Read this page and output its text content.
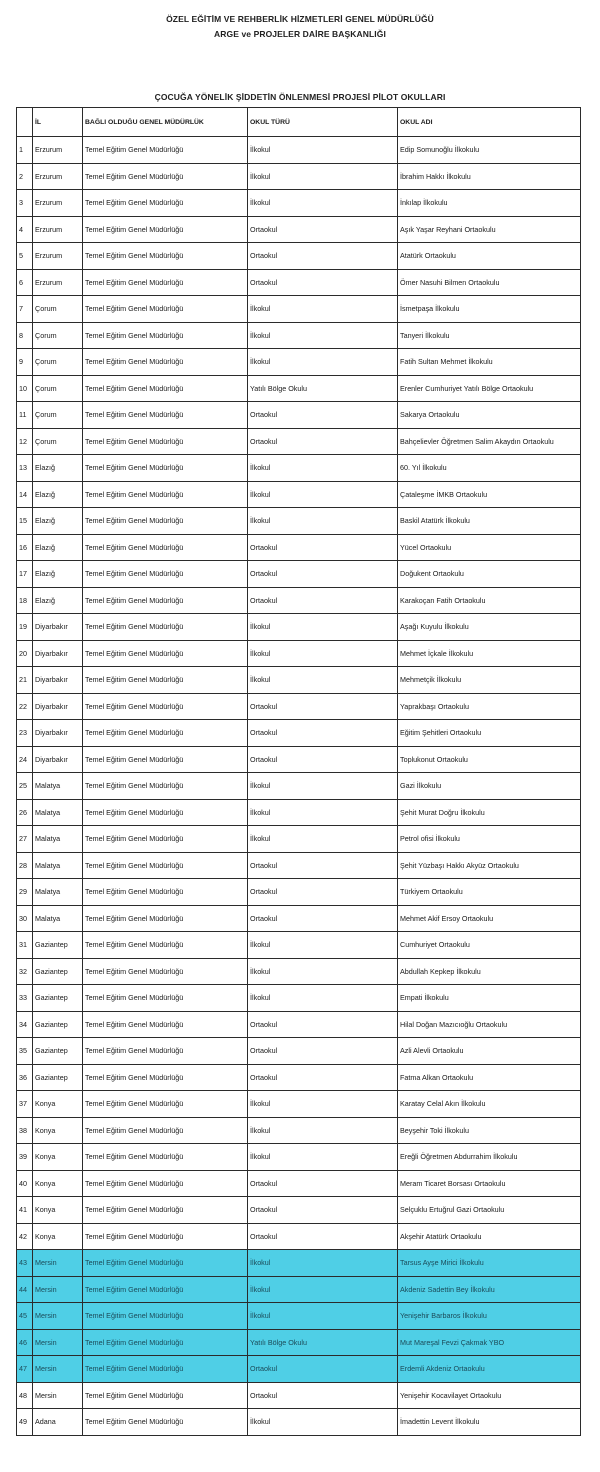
ÖZEL EĞİTİM VE REHBERLİK HİZMETLERİ GENEL MÜDÜRLÜĞÜ
ARGE ve PROJELER DAİRE BAŞKANLIĞI
ÇOCUĞA YÖNELİK ŞİDDETİN ÖNLENMESİ PROJESİ PİLOT OKULLARI
	İL	BAĞLI OLDUĞU GENEL MÜDÜRLÜK	OKUL TÜRÜ	OKUL ADI
1	Erzurum	Temel Eğitim Genel Müdürlüğü	İlkokul	Edip Somunoğlu İlkokulu
2	Erzurum	Temel Eğitim Genel Müdürlüğü	İlkokul	İbrahim Hakkı İlkokulu
3	Erzurum	Temel Eğitim Genel Müdürlüğü	İlkokul	İnkılap İlkokulu
4	Erzurum	Temel Eğitim Genel Müdürlüğü	Ortaokul	Aşık Yaşar Reyhani Ortaokulu
5	Erzurum	Temel Eğitim Genel Müdürlüğü	Ortaokul	Atatürk Ortaokulu
6	Erzurum	Temel Eğitim Genel Müdürlüğü	Ortaokul	Ömer Nasuhi Bilmen Ortaokulu
7	Çorum	Temel Eğitim Genel Müdürlüğü	İlkokul	İsmetpaşa İlkokulu
8	Çorum	Temel Eğitim Genel Müdürlüğü	İlkokul	Tanyeri İlkokulu
9	Çorum	Temel Eğitim Genel Müdürlüğü	İlkokul	Fatih Sultan Mehmet İlkokulu
10	Çorum	Temel Eğitim Genel Müdürlüğü	Yatılı Bölge Okulu	Erenler Cumhuriyet Yatılı Bölge Ortaokulu
11	Çorum	Temel Eğitim Genel Müdürlüğü	Ortaokul	Sakarya Ortaokulu
12	Çorum	Temel Eğitim Genel Müdürlüğü	Ortaokul	Bahçelievler Öğretmen Salim Akaydın Ortaokulu
13	Elazığ	Temel Eğitim Genel Müdürlüğü	İlkokul	60. Yıl İlkokulu
14	Elazığ	Temel Eğitim Genel Müdürlüğü	İlkokul	Çataleşme İMKB Ortaokulu
15	Elazığ	Temel Eğitim Genel Müdürlüğü	İlkokul	Baskil Atatürk İlkokulu
16	Elazığ	Temel Eğitim Genel Müdürlüğü	Ortaokul	Yücel Ortaokulu
17	Elazığ	Temel Eğitim Genel Müdürlüğü	Ortaokul	Doğukent Ortaokulu
18	Elazığ	Temel Eğitim Genel Müdürlüğü	Ortaokul	Karakoçan Fatih Ortaokulu
19	Diyarbakır	Temel Eğitim Genel Müdürlüğü	İlkokul	Aşağı Kuyulu İlkokulu
20	Diyarbakır	Temel Eğitim Genel Müdürlüğü	İlkokul	Mehmet İçkale İlkokulu
21	Diyarbakır	Temel Eğitim Genel Müdürlüğü	İlkokul	Mehmetçik İlkokulu
22	Diyarbakır	Temel Eğitim Genel Müdürlüğü	Ortaokul	Yaprakbaşı Ortaokulu
23	Diyarbakır	Temel Eğitim Genel Müdürlüğü	Ortaokul	Eğitim Şehitleri Ortaokulu
24	Diyarbakır	Temel Eğitim Genel Müdürlüğü	Ortaokul	Toplukonut Ortaokulu
25	Malatya	Temel Eğitim Genel Müdürlüğü	İlkokul	Gazi İlkokulu
26	Malatya	Temel Eğitim Genel Müdürlüğü	İlkokul	Şehit Murat Doğru İlkokulu
27	Malatya	Temel Eğitim Genel Müdürlüğü	İlkokul	Petrol ofisi İlkokulu
28	Malatya	Temel Eğitim Genel Müdürlüğü	Ortaokul	Şehit Yüzbaşı Hakkı Akyüz Ortaokulu
29	Malatya	Temel Eğitim Genel Müdürlüğü	Ortaokul	Türkiyem Ortaokulu
30	Malatya	Temel Eğitim Genel Müdürlüğü	Ortaokul	Mehmet Akif Ersoy Ortaokulu
31	Gaziantep	Temel Eğitim Genel Müdürlüğü	İlkokul	Cumhuriyet Ortaokulu
32	Gaziantep	Temel Eğitim Genel Müdürlüğü	İlkokul	Abdullah Kepkep İlkokulu
33	Gaziantep	Temel Eğitim Genel Müdürlüğü	İlkokul	Empati İlkokulu
34	Gaziantep	Temel Eğitim Genel Müdürlüğü	Ortaokul	Hilal Doğan Mazıcıoğlu Ortaokulu
35	Gaziantep	Temel Eğitim Genel Müdürlüğü	Ortaokul	Azli Alevli Ortaokulu
36	Gaziantep	Temel Eğitim Genel Müdürlüğü	Ortaokul	Fatma Alkan Ortaokulu
37	Konya	Temel Eğitim Genel Müdürlüğü	İlkokul	Karatay Celal Akın İlkokulu
38	Konya	Temel Eğitim Genel Müdürlüğü	İlkokul	Beyşehir Toki İlkokulu
39	Konya	Temel Eğitim Genel Müdürlüğü	İlkokul	Ereğli Öğretmen Abdurrahim İlkokulu
40	Konya	Temel Eğitim Genel Müdürlüğü	Ortaokul	Meram Ticaret Borsası Ortaokulu
41	Konya	Temel Eğitim Genel Müdürlüğü	Ortaokul	Selçuklu Ertuğrul Gazi Ortaokulu
42	Konya	Temel Eğitim Genel Müdürlüğü	Ortaokul	Akşehir Atatürk Ortaokulu
43	Mersin	Temel Eğitim Genel Müdürlüğü	İlkokul	Tarsus Ayşe Mirici İlkokulu
44	Mersin	Temel Eğitim Genel Müdürlüğü	İlkokul	Akdeniz Sadettin Bey İlkokulu
45	Mersin	Temel Eğitim Genel Müdürlüğü	İlkokul	Yenişehir Barbaros İlkokulu
46	Mersin	Temel Eğitim Genel Müdürlüğü	Yatılı Bölge Okulu	Mut Mareşal Fevzi Çakmak YBO
47	Mersin	Temel Eğitim Genel Müdürlüğü	Ortaokul	Erdemli Akdeniz Ortaokulu
48	Mersin	Temel Eğitim Genel Müdürlüğü	Ortaokul	Yenişehir Kocavilayet Ortaokulu
49	Adana	Temel Eğitim Genel Müdürlüğü	İlkokul	İmadettin Levent İlkokulu
